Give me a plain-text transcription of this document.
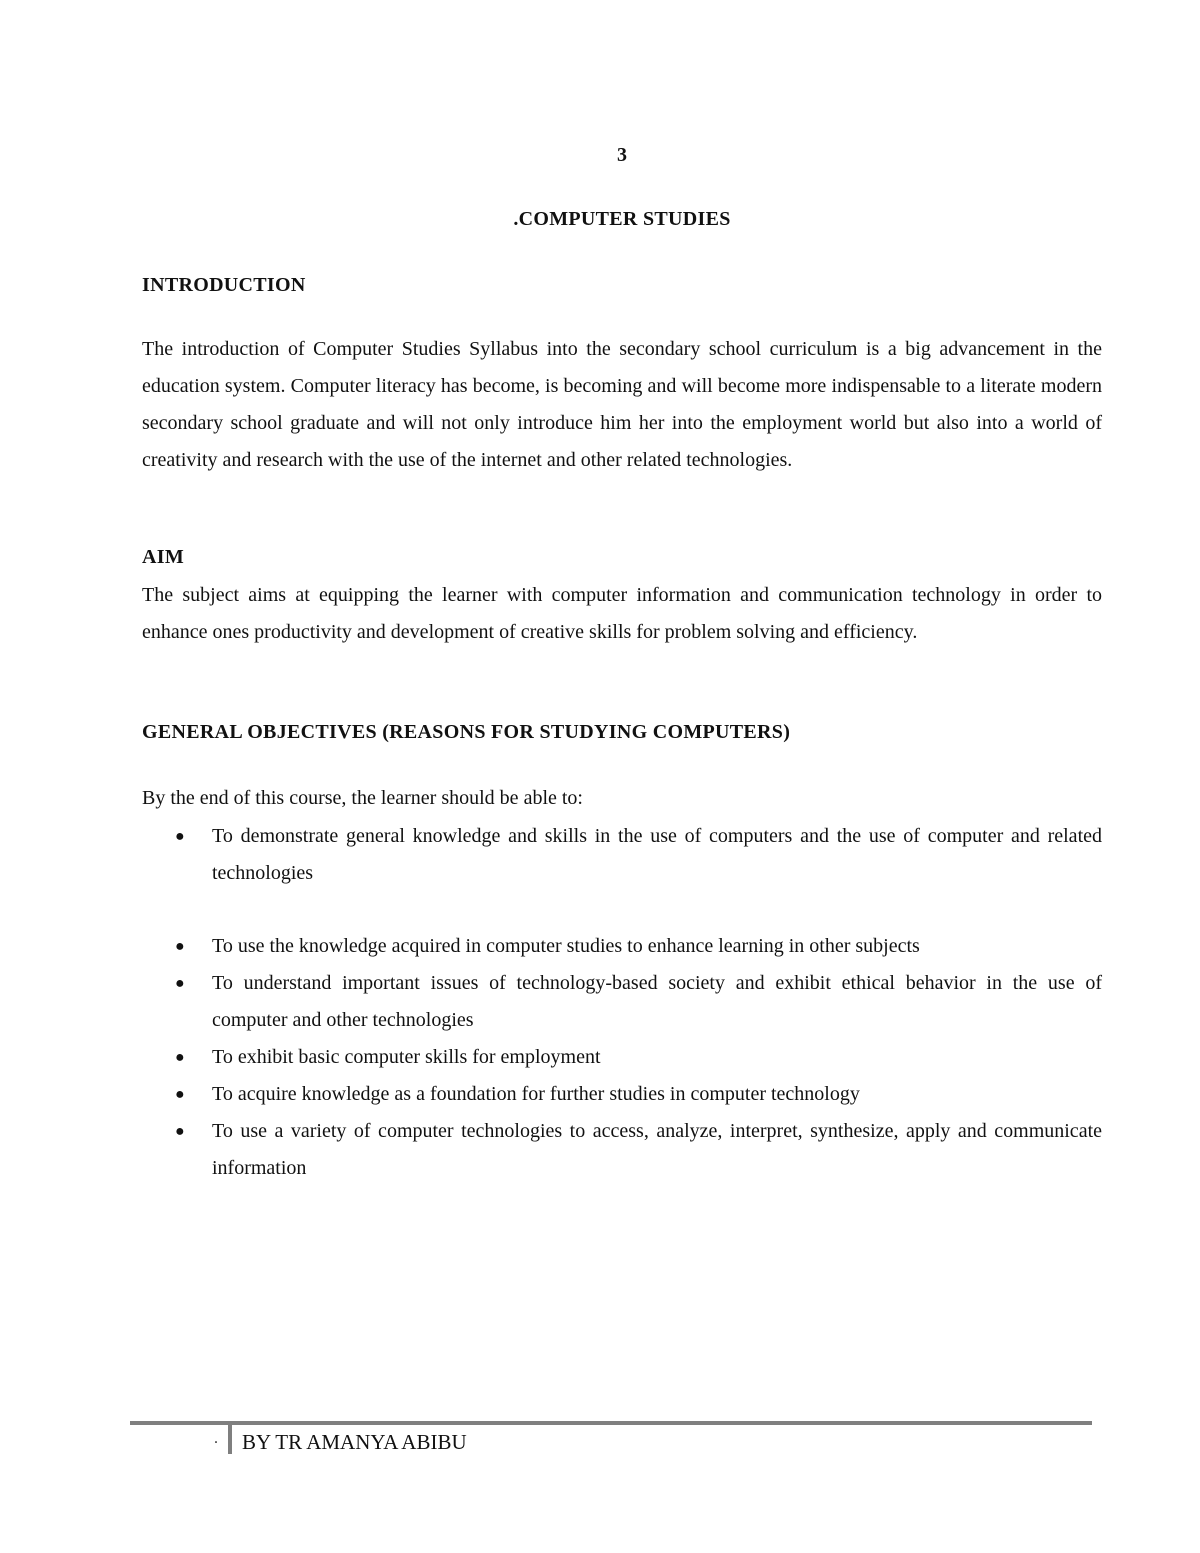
3
.COMPUTER STUDIES
INTRODUCTION
The introduction of Computer Studies Syllabus into the secondary school curriculum is a big advancement in the education system. Computer literacy has become, is becoming and will become more indispensable to a literate modern secondary school graduate and will not only introduce him her into the employment world but also into a world of creativity and research with the use of the internet and other related technologies.
AIM
The subject aims at equipping the learner with computer information and communication technology in order to enhance ones productivity and development of creative skills for problem solving and efficiency.
GENERAL OBJECTIVES (REASONS FOR STUDYING COMPUTERS)
By the end of this course, the learner should be able to:
● To demonstrate general knowledge and skills in the use of computers and the use of computer and related technologies
● To use the knowledge acquired in computer studies to enhance learning in other subjects
● To understand important issues of technology-based society and exhibit ethical behavior in the use of computer and other technologies
● To exhibit basic computer skills for employment
● To acquire knowledge as a foundation for further studies in computer technology
● To use a variety of computer technologies to access, analyze, interpret, synthesize, apply and communicate information
. BY TR AMANYA ABIBU
